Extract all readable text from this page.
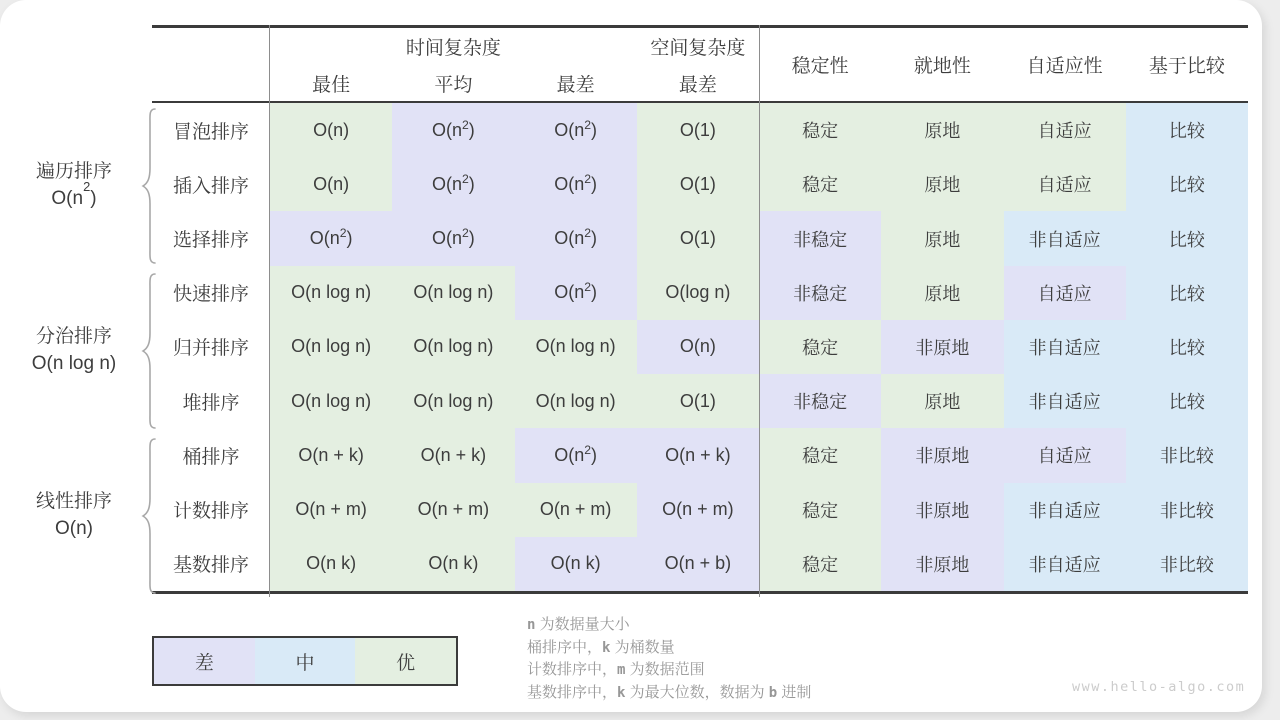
时间复杂度	空间复杂度
最佳	平均	最差	最差
稳定性	就地性	自适应性	基于比较
冒泡排序	O(n)	$O(n^2$ )	$O(n^2$ )	O(1)	稳定	原地	自适应	比较
插入排序	O(n)	$O(n^2$ )	$O(n^2$ )	O(1)	稳定	原地	自适应	比较
选择排序	$O(n^2$ )	$O(n^2$ )	$O(n^2$ )	O(1)	非稳定	原地	非自适应	比较
快速排序	O(n log n)	O(n log n)	$O(n^2$ )	O(log n)	非稳定	原地	自适应	比较
归并排序	O(n log n)	O(n log n)	O(n log n)	O(n)	稳定	非原地	非自适应	比较
堆排序	O(n log n)	O(n log n)	O(n log n)	O(1)	非稳定	原地	非自适应	比较
桶排序	O(n + k)	O(n + k)	$O(n^2$ )	O(n + k)	稳定	非原地	自适应	非比较
计数排序	O(n + m)	O(n + m)	O(n + m)	O(n + m)	稳定	非原地	非自适应	非比较
基数排序	O(n k)	O(n k)	O(n k)	O(n + b)	稳定	非原地	非自适应	非比较
遍历排序
$O(n^2)$
分治排序
O(n log n)
线性排序
O(n)
差	中	优
n 为数据量大小
桶排序中，k 为桶数量
计数排序中，m 为数据范围
基数排序中，k 为最大位数，数据为 b 进制	www.hello-algo.com
